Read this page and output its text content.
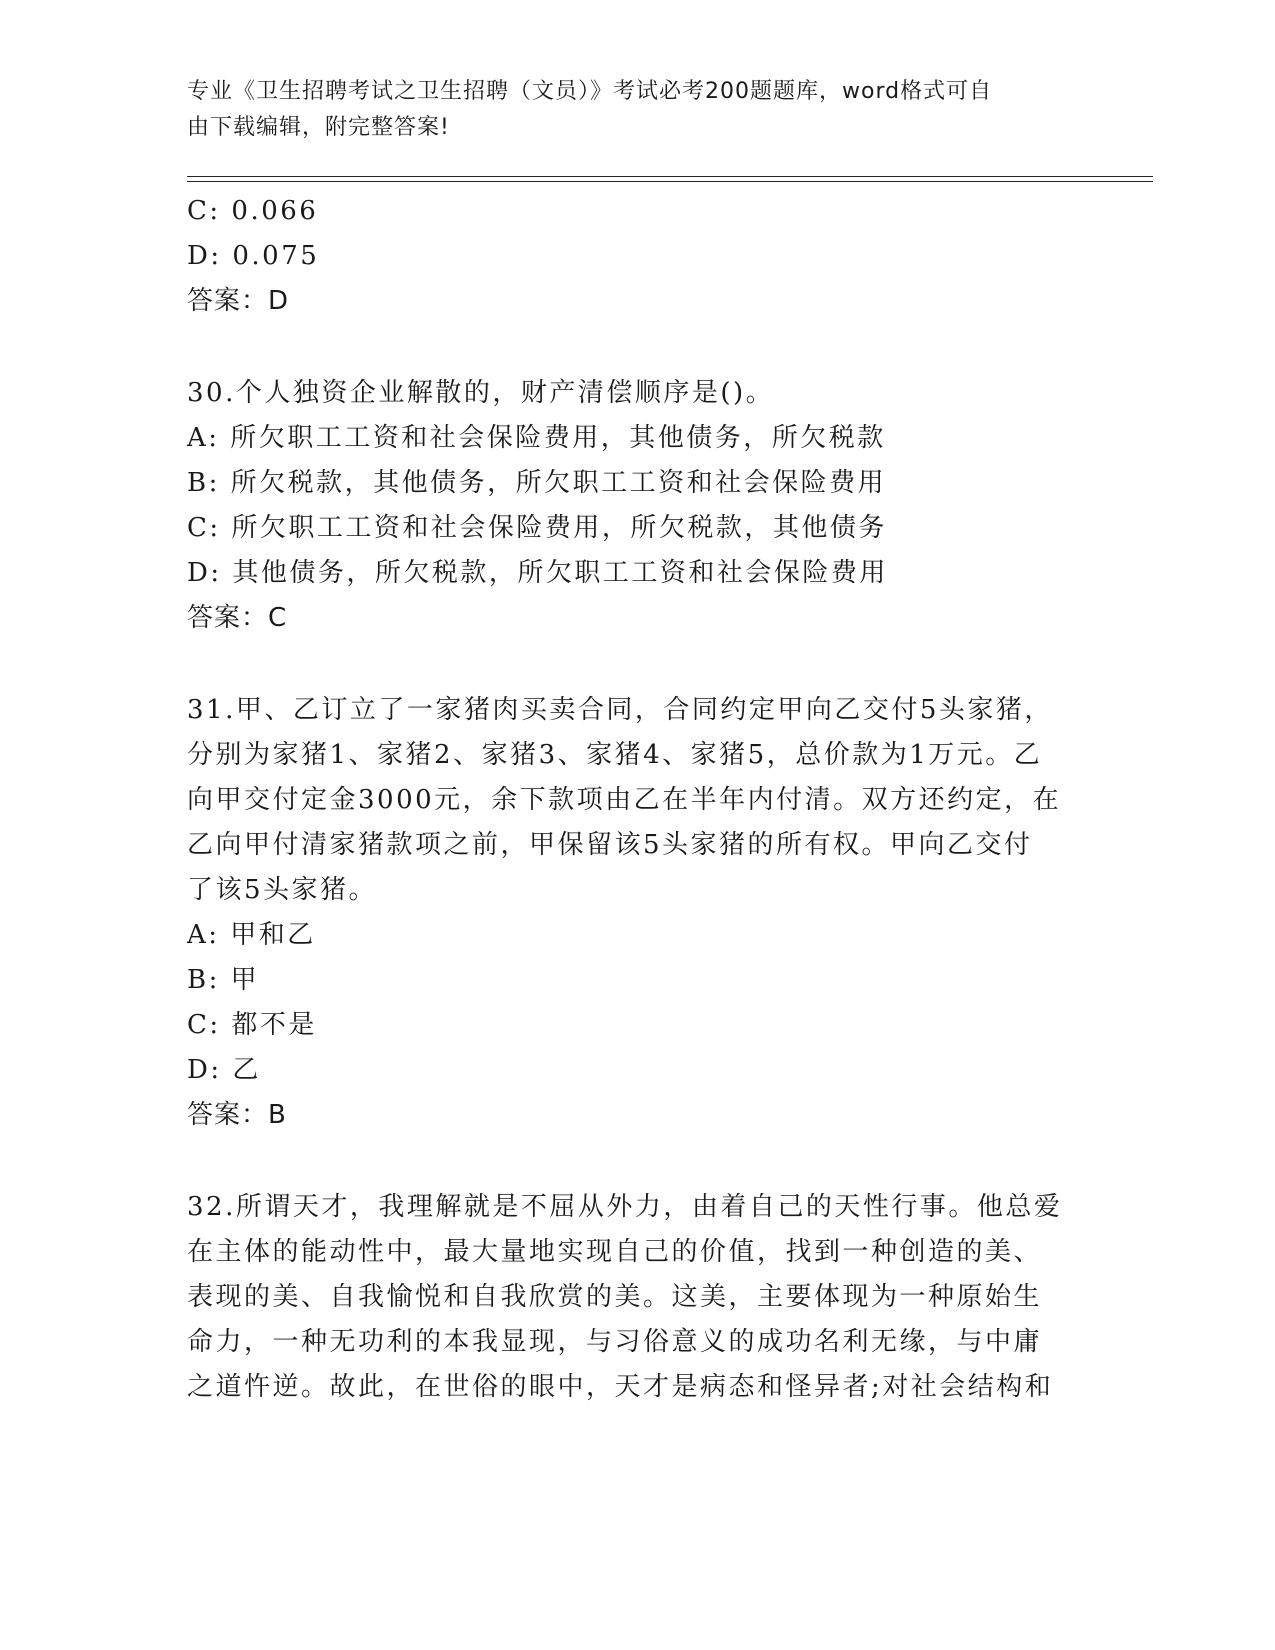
专业《卫生招聘考试之卫生招聘（文员）》考试必考200题题库，word格式可自
由下载编辑，附完整答案!
C: 0.066
D: 0.075
答案：D
30.个人独资企业解散的，财产清偿顺序是()。
A: 所欠职工工资和社会保险费用，其他债务，所欠税款
B: 所欠税款，其他债务，所欠职工工资和社会保险费用
C: 所欠职工工资和社会保险费用，所欠税款，其他债务
D: 其他债务，所欠税款，所欠职工工资和社会保险费用
答案：C
31.甲、乙订立了一家猪肉买卖合同，合同约定甲向乙交付5头家猪，
分别为家猪1、家猪2、家猪3、家猪4、家猪5，总价款为1万元。乙
向甲交付定金3000元，余下款项由乙在半年内付清。双方还约定，在
乙向甲付清家猪款项之前，甲保留该5头家猪的所有权。甲向乙交付
了该5头家猪。
A: 甲和乙
B: 甲
C: 都不是
D: 乙
答案：B
32.所谓天才，我理解就是不屈从外力，由着自己的天性行事。他总爱
在主体的能动性中，最大量地实现自己的价值，找到一种创造的美、
表现的美、自我愉悦和自我欣赏的美。这美，主要体现为一种原始生
命力，一种无功利的本我显现，与习俗意义的成功名利无缘，与中庸
之道忤逆。故此，在世俗的眼中，天才是病态和怪异者;对社会结构和
